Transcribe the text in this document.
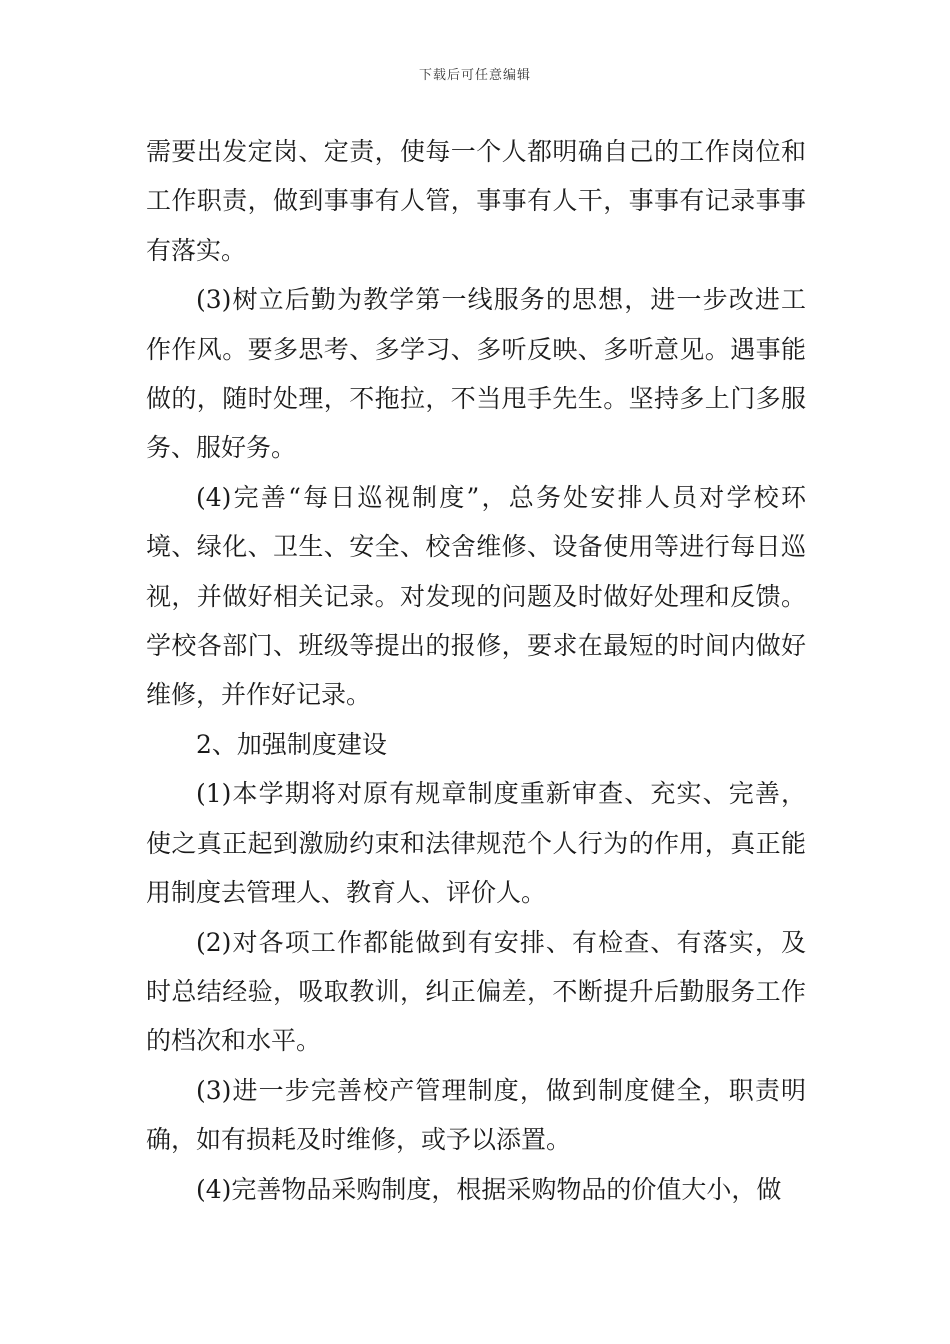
下载后可任意编辑

需要出发定岗、定责，使每一个人都明确自己的工作岗位和工作职责，做到事事有人管，事事有人干，事事有记录事事有落实。

(3)树立后勤为教学第一线服务的思想，进一步改进工作作风。要多思考、多学习、多听反映、多听意见。遇事能做的，随时处理，不拖拉，不当甩手先生。坚持多上门多服务、服好务。

(4)完善“每日巡视制度”，总务处安排人员对学校环境、绿化、卫生、安全、校舍维修、设备使用等进行每日巡视，并做好相关记录。对发现的问题及时做好处理和反馈。学校各部门、班级等提出的报修，要求在最短的时间内做好维修，并作好记录。

2、加强制度建设

(1)本学期将对原有规章制度重新审查、充实、完善，使之真正起到激励约束和法律规范个人行为的作用，真正能用制度去管理人、教育人、评价人。

(2)对各项工作都能做到有安排、有检查、有落实，及时总结经验，吸取教训，纠正偏差，不断提升后勤服务工作的档次和水平。

(3)进一步完善校产管理制度，做到制度健全，职责明确，如有损耗及时维修，或予以添置。

(4)完善物品采购制度，根据采购物品的价值大小，做
